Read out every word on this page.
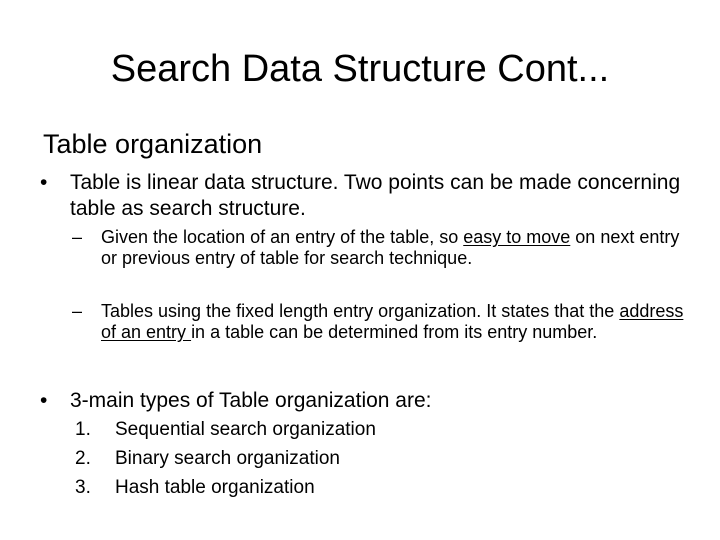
Search Data Structure Cont...
Table organization
• Table is linear data structure. Two points can be made concerning table as search structure.
– Given the location of an entry of the table, so easy to move on next entry or previous entry of table for search technique.
– Tables using the fixed length entry organization. It states that the address of an entry in a table can be determined from its entry number.
• 3-main types of Table organization are:
1. Sequential search organization
2. Binary search organization
3. Hash table organization
